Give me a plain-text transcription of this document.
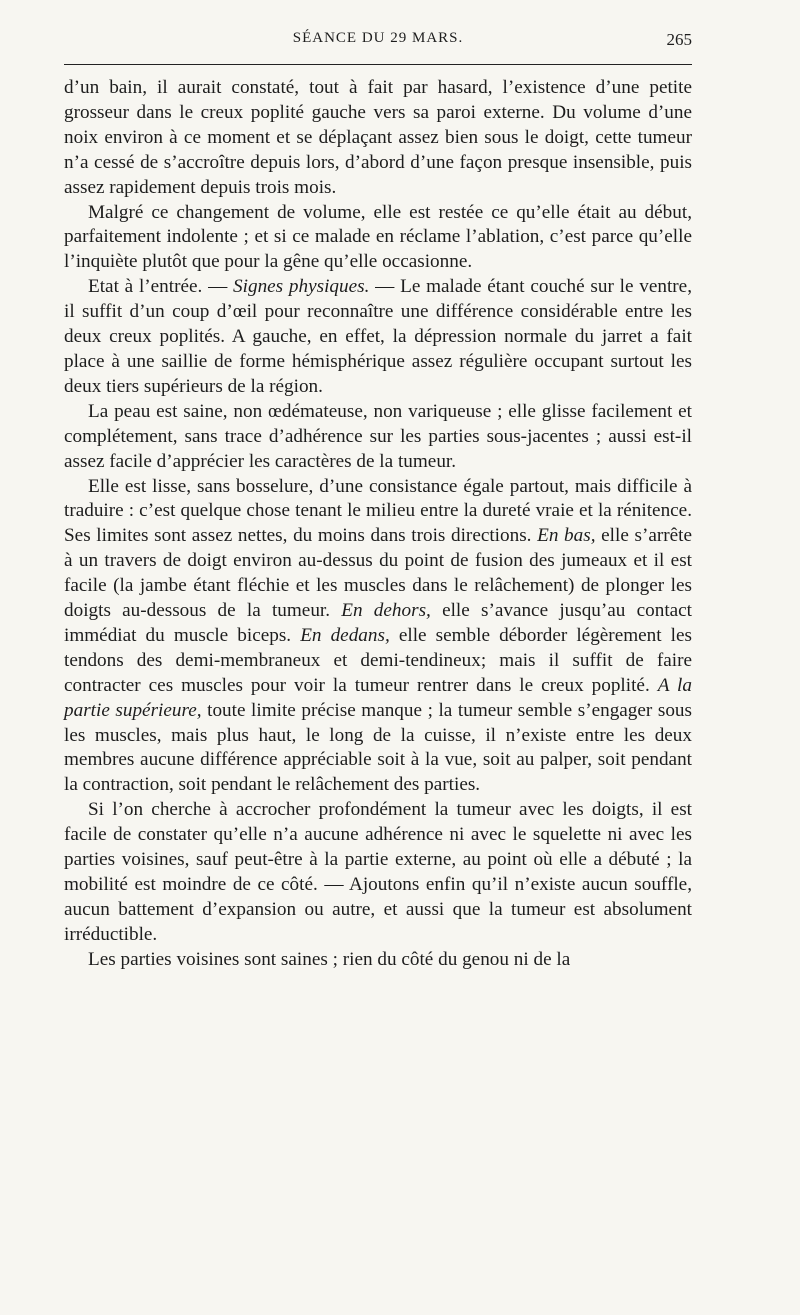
SÉANCE DU 29 MARS.	265

d’un bain, il aurait constaté, tout à fait par hasard, l’existence d’une petite grosseur dans le creux poplité gauche vers sa paroi externe. Du volume d’une noix environ à ce moment et se déplaçant assez bien sous le doigt, cette tumeur n’a cessé de s’accroître depuis lors, d’abord d’une façon presque insensible, puis assez rapidement depuis trois mois.

Malgré ce changement de volume, elle est restée ce qu’elle était au début, parfaitement indolente ; et si ce malade en réclame l’ablation, c’est parce qu’elle l’inquiète plutôt que pour la gêne qu’elle occasionne.

Etat à l’entrée. — Signes physiques. — Le malade étant couché sur le ventre, il suffit d’un coup d’œil pour reconnaître une différence considérable entre les deux creux poplités. A gauche, en effet, la dépression normale du jarret a fait place à une saillie de forme hémisphérique assez régulière occupant surtout les deux tiers supérieurs de la région.

La peau est saine, non œdémateuse, non variqueuse ; elle glisse facilement et complétement, sans trace d’adhérence sur les parties sous-jacentes ; aussi est-il assez facile d’apprécier les caractères de la tumeur.

Elle est lisse, sans bosselure, d’une consistance égale partout, mais difficile à traduire : c’est quelque chose tenant le milieu entre la dureté vraie et la rénitence. Ses limites sont assez nettes, du moins dans trois directions. En bas, elle s’arrête à un travers de doigt environ au-dessus du point de fusion des jumeaux et il est facile (la jambe étant fléchie et les muscles dans le relâchement) de plonger les doigts au-dessous de la tumeur. En dehors, elle s’avance jusqu’au contact immédiat du muscle biceps. En dedans, elle semble déborder légèrement les tendons des demi-membraneux et demi-tendineux; mais il suffit de faire contracter ces muscles pour voir la tumeur rentrer dans le creux poplité. A la partie supérieure, toute limite précise manque ; la tumeur semble s’engager sous les muscles, mais plus haut, le long de la cuisse, il n’existe entre les deux membres aucune différence appréciable soit à la vue, soit au palper, soit pendant la contraction, soit pendant le relâchement des parties.

Si l’on cherche à accrocher profondément la tumeur avec les doigts, il est facile de constater qu’elle n’a aucune adhérence ni avec le squelette ni avec les parties voisines, sauf peut-être à la partie externe, au point où elle a débuté ; la mobilité est moindre de ce côté. — Ajoutons enfin qu’il n’existe aucun souffle, aucun battement d’expansion ou autre, et aussi que la tumeur est absolument irréductible.

Les parties voisines sont saines ; rien du côté du genou ni de la
